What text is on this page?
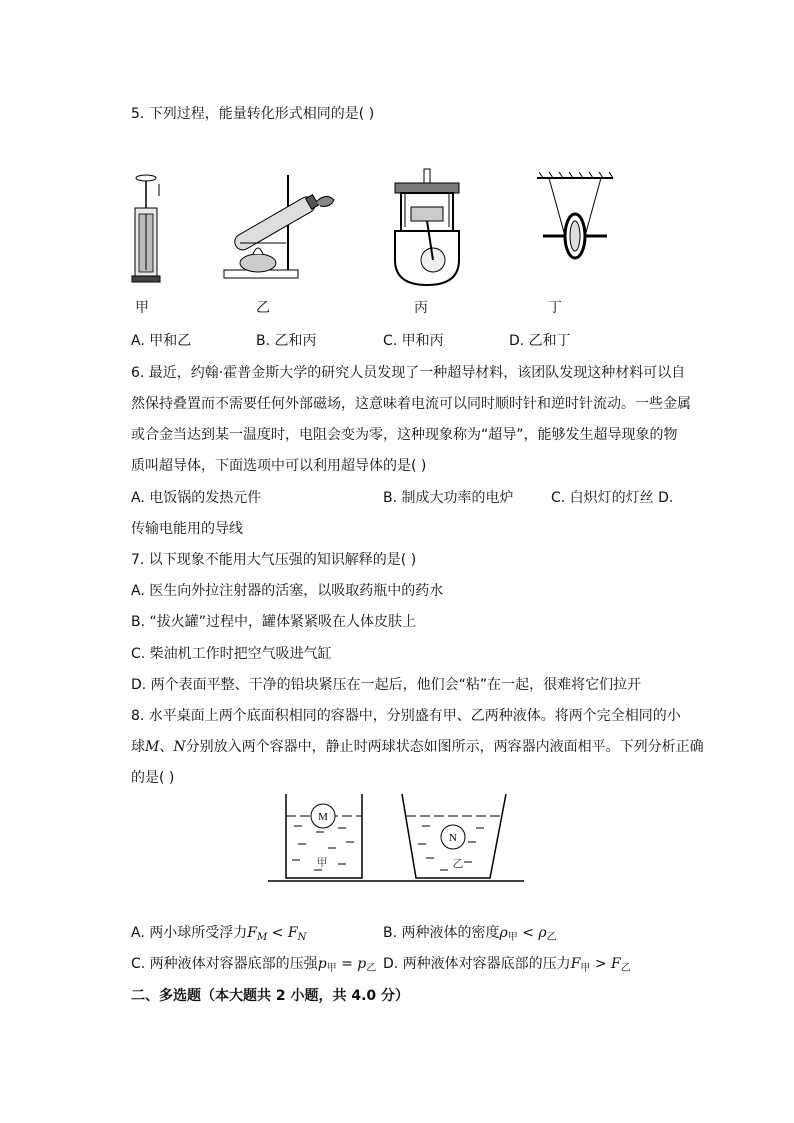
5. 下列过程，能量转化形式相同的是( )
甲	乙	丙	丁
A. 甲和乙	B. 乙和丙	C. 甲和丙	D. 乙和丁
6. 最近，约翰·霍普金斯大学的研究人员发现了一种超导材料，该团队发现这种材料可以自
然保持叠置而不需要任何外部磁场，这意味着电流可以同时顺时针和逆时针流动。一些金属
或合金当达到某一温度时，电阻会变为零，这种现象称为“超导”，能够发生超导现象的物
质叫超导体，下面选项中可以利用超导体的是( )
A. 电饭锅的发热元件	B. 制成大功率的电炉	C. 白炽灯的灯丝 D.
传输电能用的导线
7. 以下现象不能用大气压强的知识解释的是( )
A. 医生向外拉注射器的活塞，以吸取药瓶中的药水
B. “拔火罐”过程中，罐体紧紧吸在人体皮肤上
C. 柴油机工作时把空气吸进气缸
D. 两个表面平整、干净的铅块紧压在一起后，他们会“粘”在一起，很难将它们拉开
8. 水平桌面上两个底面积相同的容器中，分别盛有甲、乙两种液体。将两个完全相同的小
球M、N分别放入两个容器中，静止时两球状态如图所示，两容器内液面相平。下列分析正确
的是( )
M
甲
N
乙
A. 两小球所受浮力$F_M < F_N$	B. 两种液体的密度$\rho_甲 < \rho_乙$
C. 两种液体对容器底部的压强$p_甲 = p_乙$ D. 两种液体对容器底部的压力$F_甲 > F_乙$
二、多选题（本大题共 2 小题，共 4.0 分）
